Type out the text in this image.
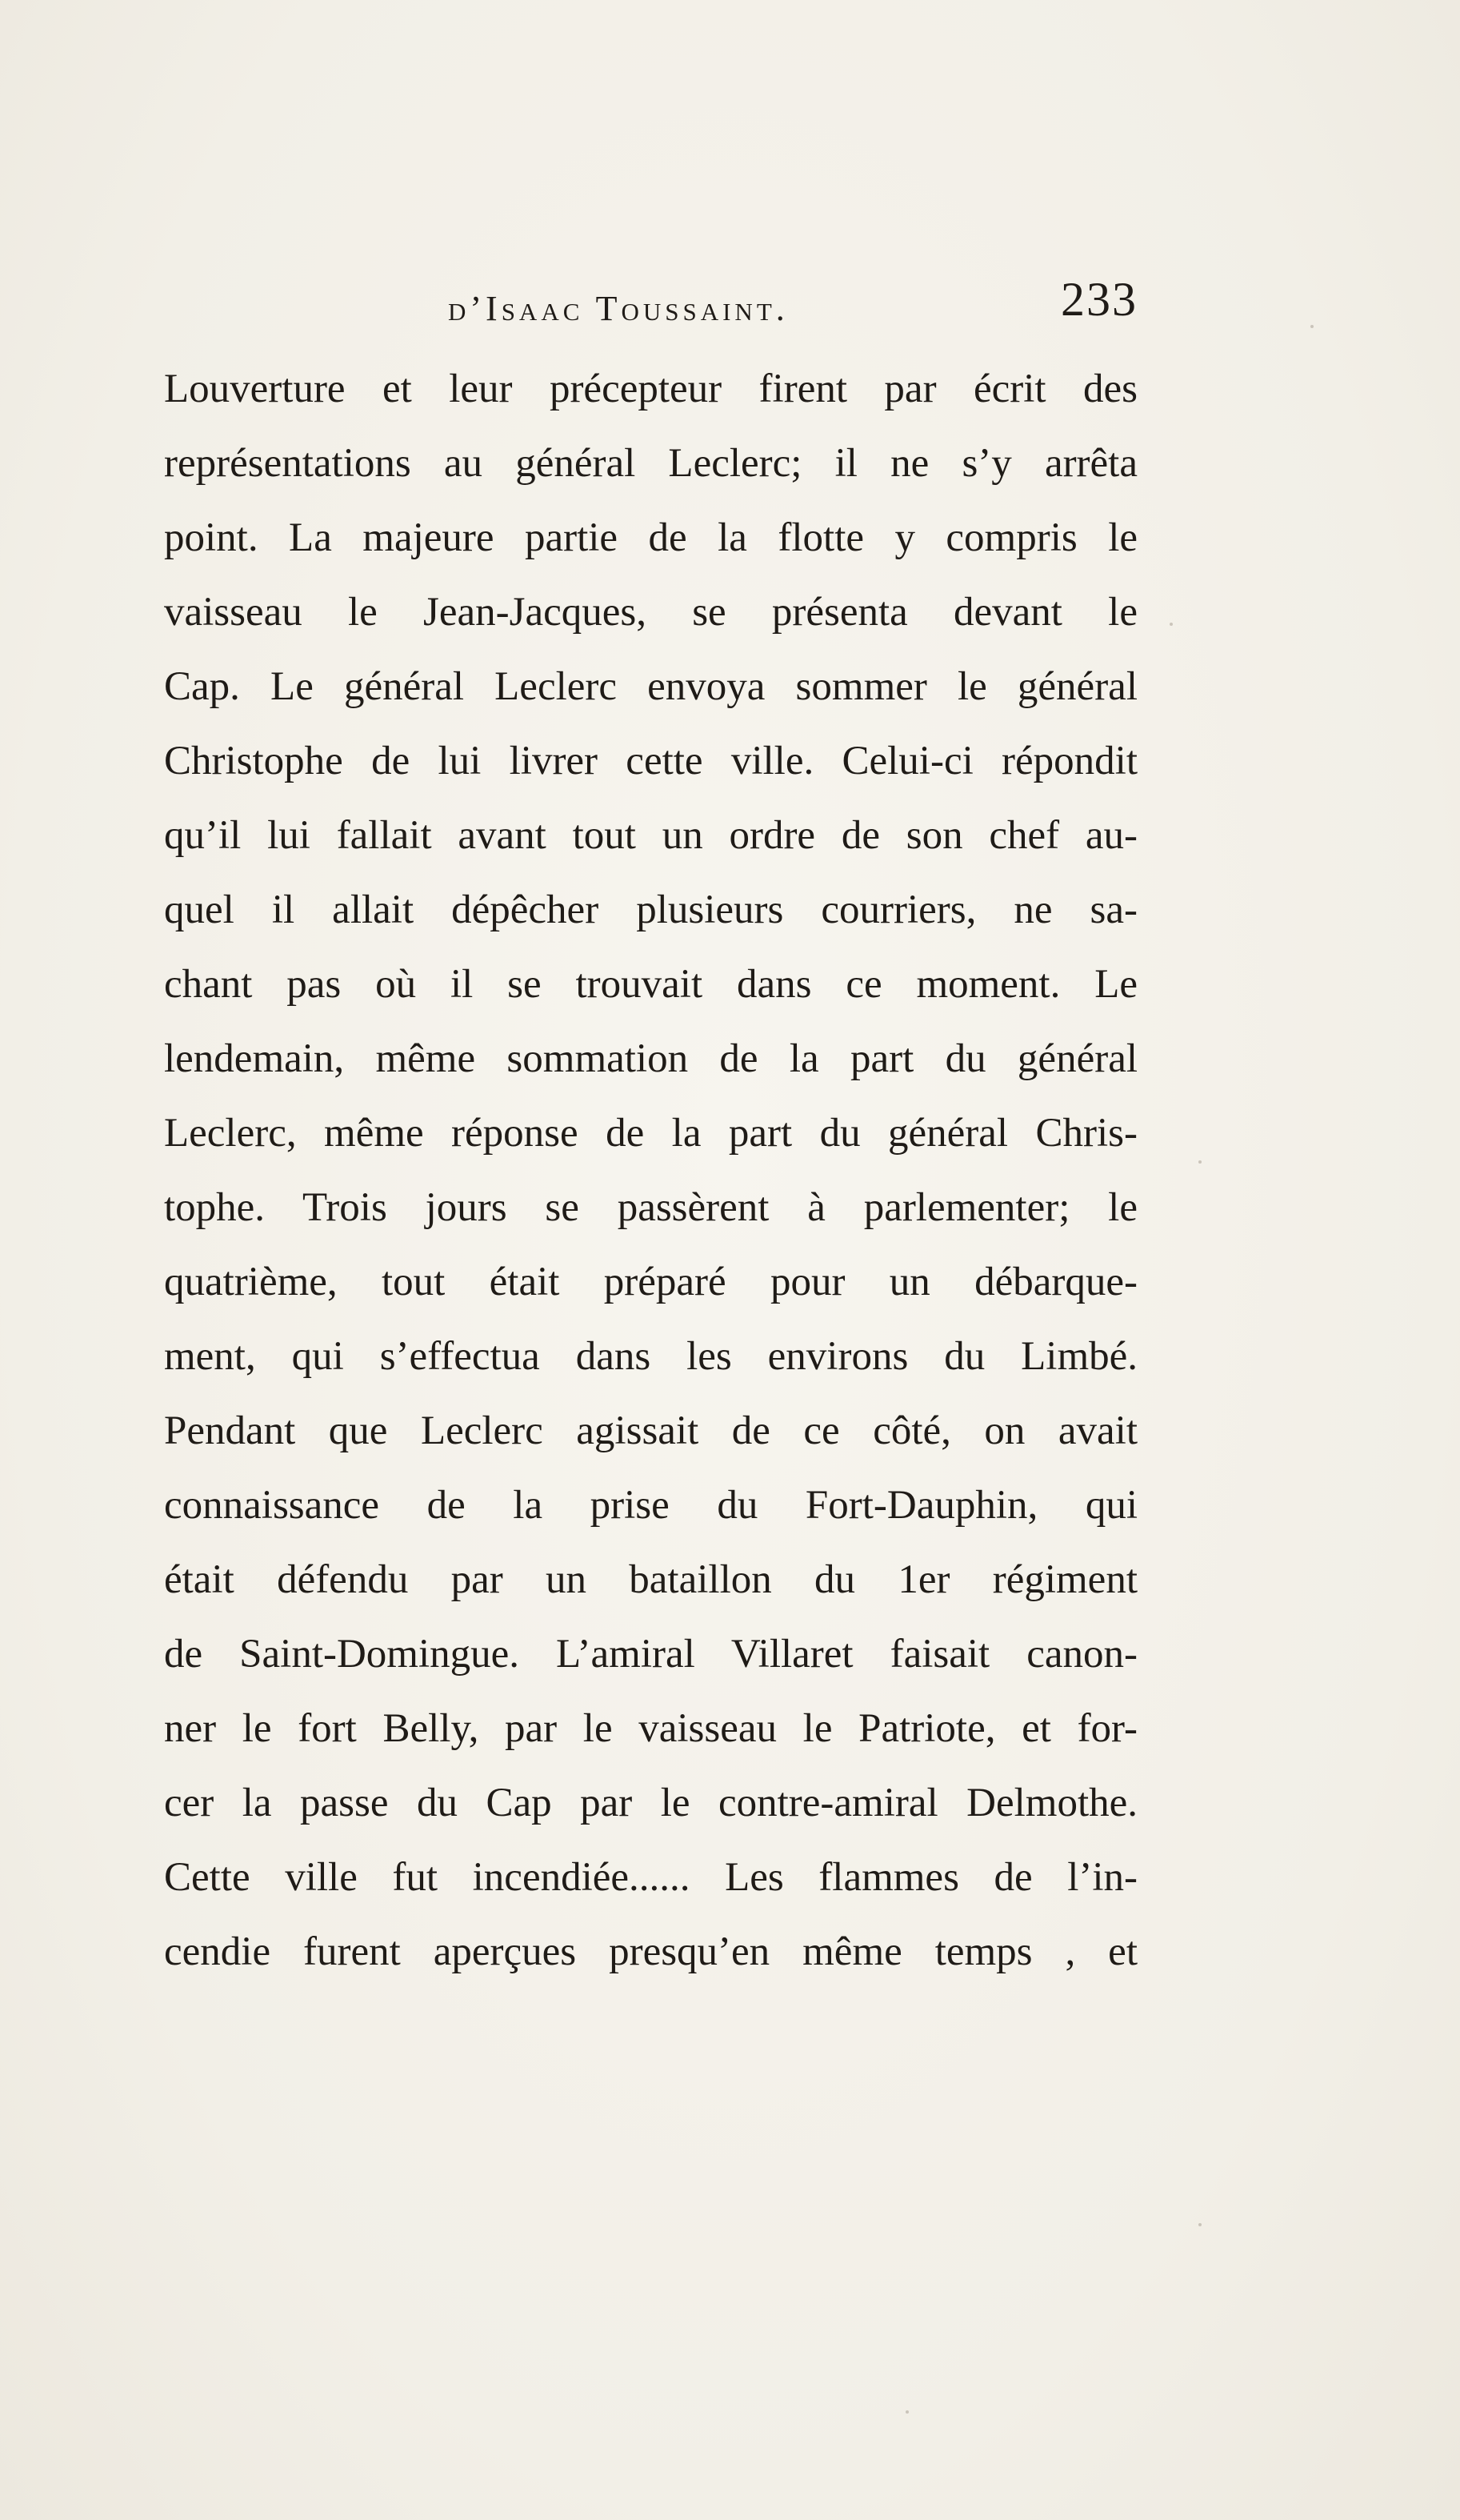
d’Isaac Toussaint.	233
Louverture et leur précepteur firent par écrit des
représentations au général Leclerc; il ne s’y arrêta
point. La majeure partie de la flotte y compris le
vaisseau le Jean-Jacques, se présenta devant le
Cap. Le général Leclerc envoya sommer le général
Christophe de lui livrer cette ville. Celui-ci répondit
qu’il lui fallait avant tout un ordre de son chef au-
quel il allait dépêcher plusieurs courriers, ne sa-
chant pas où il se trouvait dans ce moment. Le
lendemain, même sommation de la part du général
Leclerc, même réponse de la part du général Chris-
tophe. Trois jours se passèrent à parlementer; le
quatrième, tout était préparé pour un débarque-
ment, qui s’effectua dans les environs du Limbé.
Pendant que Leclerc agissait de ce côté, on avait
connaissance de la prise du Fort-Dauphin, qui
était défendu par un bataillon du 1er régiment
de Saint-Domingue. L’amiral Villaret faisait canon-
ner le fort Belly, par le vaisseau le Patriote, et for-
cer la passe du Cap par le contre-amiral Delmothe.
Cette ville fut incendiée...... Les flammes de l’in-
cendie furent aperçues presqu’en même temps , et
